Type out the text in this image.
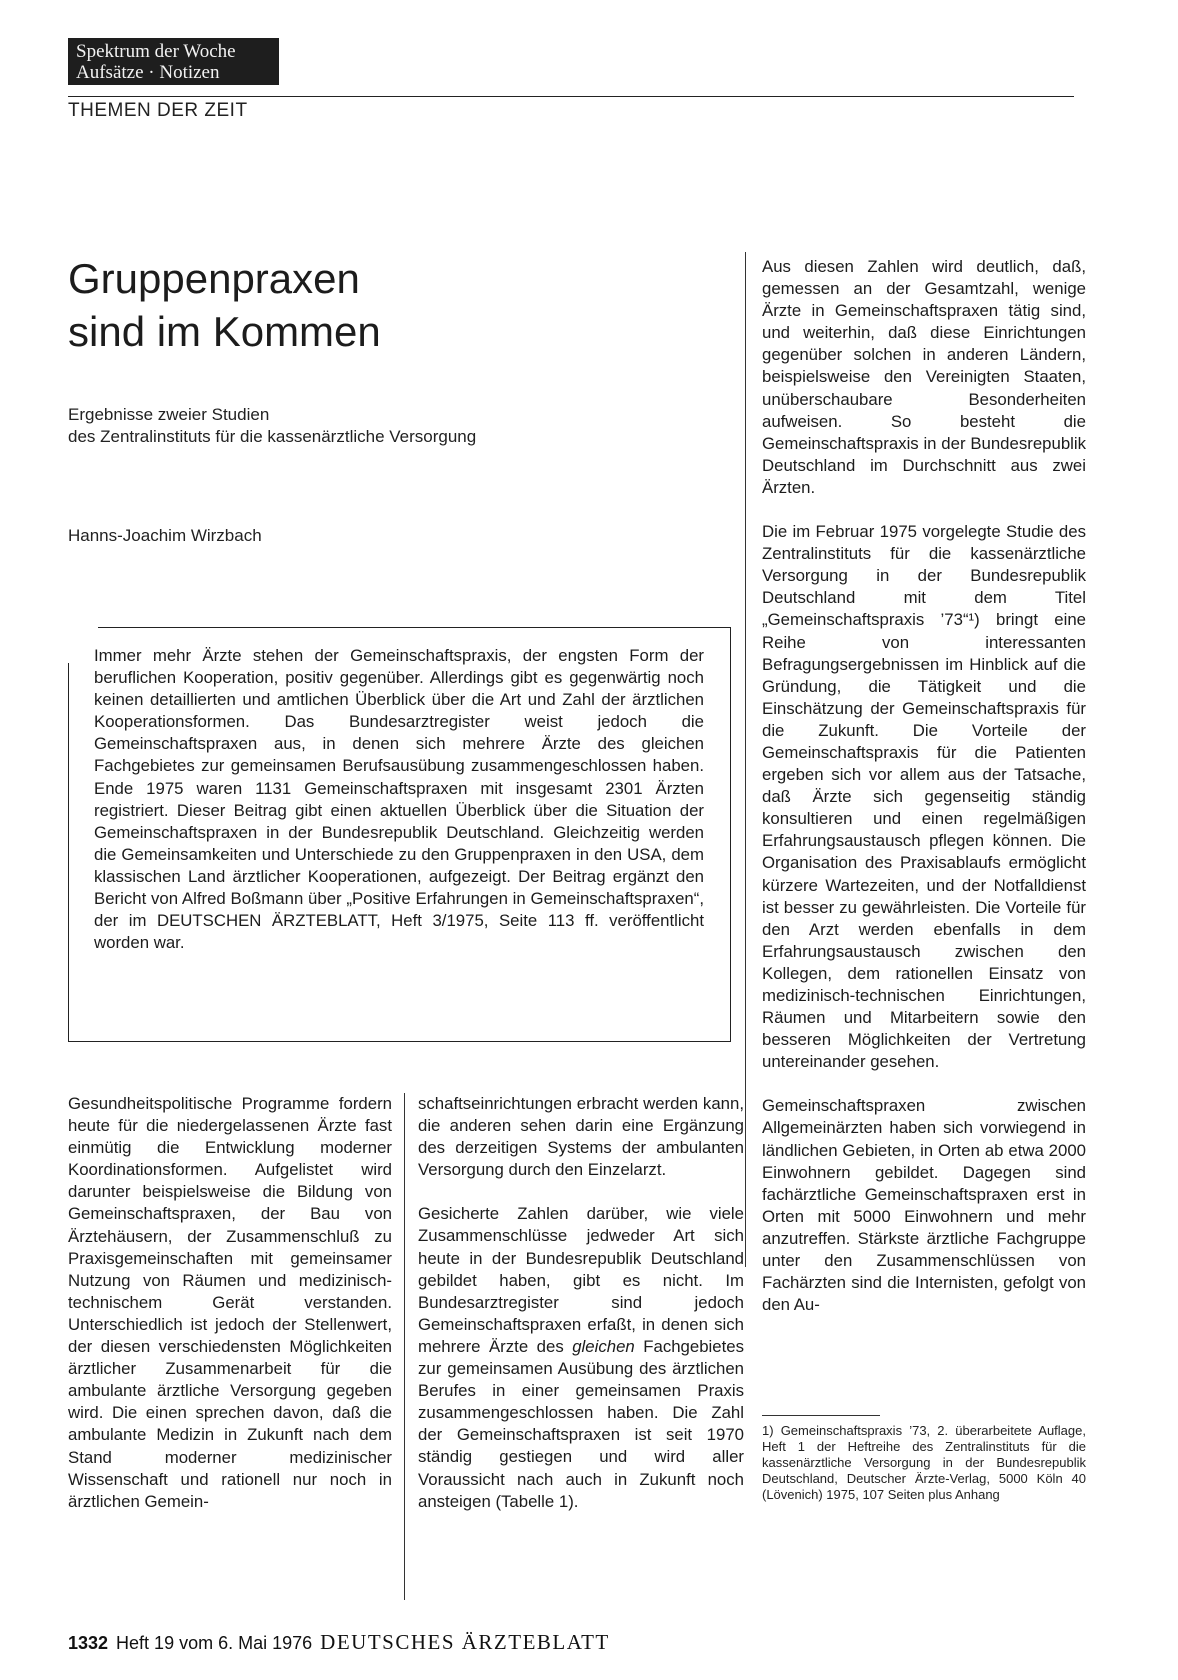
Spektrum der Woche
Aufsätze · Notizen
THEMEN DER ZEIT
Gruppenpraxen
sind im Kommen
Ergebnisse zweier Studien
des Zentralinstituts für die kassenärztliche Versorgung
Hanns-Joachim Wirzbach
Immer mehr Ärzte stehen der Gemeinschaftspraxis, der engsten Form der beruflichen Kooperation, positiv gegenüber. Allerdings gibt es gegenwärtig noch keinen detaillierten und amtlichen Überblick über die Art und Zahl der ärztlichen Kooperationsformen. Das Bundesarztregister weist jedoch die Gemeinschaftspraxen aus, in denen sich mehrere Ärzte des gleichen Fachgebietes zur gemeinsamen Berufsausübung zusammengeschlossen haben. Ende 1975 waren 1131 Gemeinschaftspraxen mit insgesamt 2301 Ärzten registriert. Dieser Beitrag gibt einen aktuellen Überblick über die Situation der Gemeinschaftspraxen in der Bundesrepublik Deutschland. Gleichzeitig werden die Gemeinsamkeiten und Unterschiede zu den Gruppenpraxen in den USA, dem klassischen Land ärztlicher Kooperationen, aufgezeigt. Der Beitrag ergänzt den Bericht von Alfred Boßmann über „Positive Erfahrungen in Gemeinschaftspraxen“, der im DEUTSCHEN ÄRZTEBLATT, Heft 3/1975, Seite 113 ff. veröffentlicht worden war.

Gesundheitspolitische Programme fordern heute für die niedergelassenen Ärzte fast einmütig die Entwicklung moderner Koordinationsformen. Aufgelistet wird darunter beispielsweise die Bildung von Gemeinschaftspraxen, der Bau von Ärztehäusern, der Zusammenschluß zu Praxisgemeinschaften mit gemeinsamer Nutzung von Räumen und medizinisch-technischem Gerät verstanden. Unterschiedlich ist jedoch der Stellenwert, der diesen verschiedensten Möglichkeiten ärztlicher Zusammenarbeit für die ambulante ärztliche Versorgung gegeben wird. Die einen sprechen davon, daß die ambulante Medizin in Zukunft nach dem Stand moderner medizinischer Wissenschaft und rationell nur noch in ärztlichen Gemein-

schaftseinrichtungen erbracht werden kann, die anderen sehen darin eine Ergänzung des derzeitigen Systems der ambulanten Versorgung durch den Einzelarzt.

Gesicherte Zahlen darüber, wie viele Zusammenschlüsse jedweder Art sich heute in der Bundesrepublik Deutschland gebildet haben, gibt es nicht. Im Bundesarztregister sind jedoch Gemeinschaftspraxen erfaßt, in denen sich mehrere Ärzte des gleichen Fachgebietes zur gemeinsamen Ausübung des ärztlichen Berufes in einer gemeinsamen Praxis zusammengeschlossen haben. Die Zahl der Gemeinschaftspraxen ist seit 1970 ständig gestiegen und wird aller Voraussicht nach auch in Zukunft noch ansteigen (Tabelle 1).

Aus diesen Zahlen wird deutlich, daß, gemessen an der Gesamtzahl, wenige Ärzte in Gemeinschaftspraxen tätig sind, und weiterhin, daß diese Einrichtungen gegenüber solchen in anderen Ländern, beispielsweise den Vereinigten Staaten, unüberschaubare Besonderheiten aufweisen. So besteht die Gemeinschaftspraxis in der Bundesrepublik Deutschland im Durchschnitt aus zwei Ärzten.

Die im Februar 1975 vorgelegte Studie des Zentralinstituts für die kassenärztliche Versorgung in der Bundesrepublik Deutschland mit dem Titel „Gemeinschaftspraxis ’73“¹) bringt eine Reihe von interessanten Befragungsergebnissen im Hinblick auf die Gründung, die Tätigkeit und die Einschätzung der Gemeinschaftspraxis für die Zukunft. Die Vorteile der Gemeinschaftspraxis für die Patienten ergeben sich vor allem aus der Tatsache, daß Ärzte sich gegenseitig ständig konsultieren und einen regelmäßigen Erfahrungsaustausch pflegen können. Die Organisation des Praxisablaufs ermöglicht kürzere Wartezeiten, und der Notfalldienst ist besser zu gewährleisten. Die Vorteile für den Arzt werden ebenfalls in dem Erfahrungsaustausch zwischen den Kollegen, dem rationellen Einsatz von medizinisch-technischen Einrichtungen, Räumen und Mitarbeitern sowie den besseren Möglichkeiten der Vertretung untereinander gesehen.

Gemeinschaftspraxen zwischen Allgemeinärzten haben sich vorwiegend in ländlichen Gebieten, in Orten ab etwa 2000 Einwohnern gebildet. Dagegen sind fachärztliche Gemeinschaftspraxen erst in Orten mit 5000 Einwohnern und mehr anzutreffen. Stärkste ärztliche Fachgruppe unter den Zusammenschlüssen von Fachärzten sind die Internisten, gefolgt von den Au-

1) Gemeinschaftspraxis ’73, 2. überarbeitete Auflage, Heft 1 der Heftreihe des Zentralinstituts für die kassenärztliche Versorgung in der Bundesrepublik Deutschland, Deutscher Ärzte-Verlag, 5000 Köln 40 (Lövenich) 1975, 107 Seiten plus Anhang
1332 Heft 19 vom 6. Mai 1976 DEUTSCHES ÄRZTEBLATT
